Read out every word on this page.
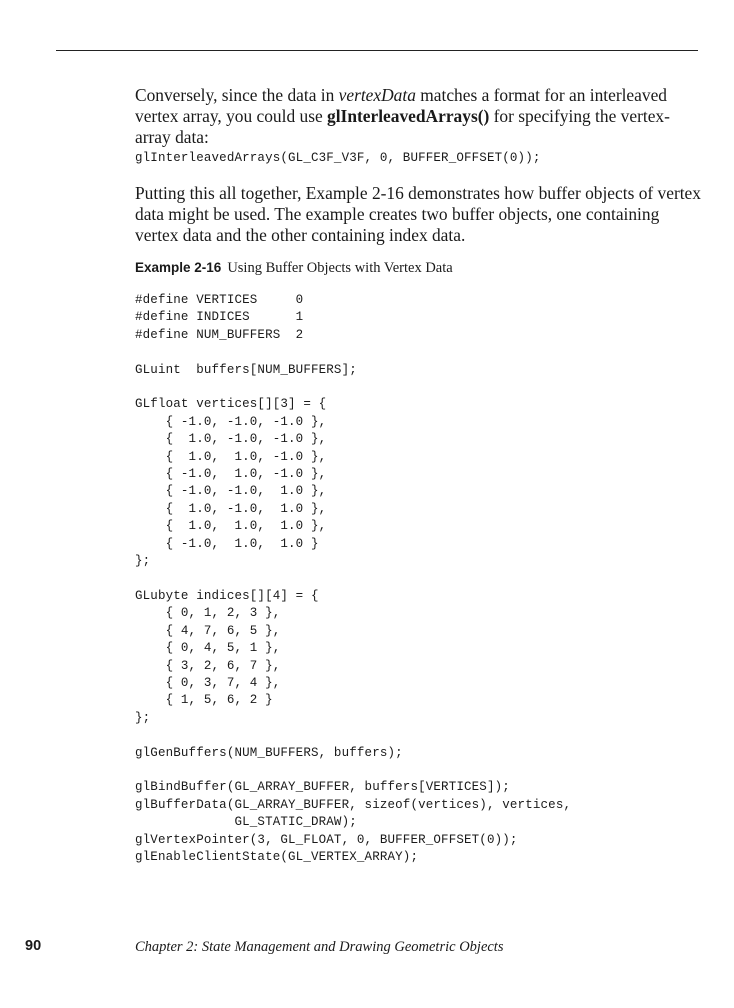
Conversely, since the data in vertexData matches a format for an interleaved vertex array, you could use glInterleavedArrays() for specifying the vertex-array data:

glInterleavedArrays(GL_C3F_V3F, 0, BUFFER_OFFSET(0));

Putting this all together, Example 2-16 demonstrates how buffer objects of vertex data might be used. The example creates two buffer objects, one containing vertex data and the other containing index data.

Example 2-16 Using Buffer Objects with Vertex Data
#define VERTICES     0
#define INDICES      1
#define NUM_BUFFERS  2

GLuint  buffers[NUM_BUFFERS];

GLfloat vertices[][3] = {
{ -1.0, -1.0, -1.0 },
{  1.0, -1.0, -1.0 },
{  1.0,  1.0, -1.0 },
{ -1.0,  1.0, -1.0 },
{ -1.0, -1.0,  1.0 },
{  1.0, -1.0,  1.0 },
{  1.0,  1.0,  1.0 },
{ -1.0,  1.0,  1.0 }
};

GLubyte indices[][4] = {
{ 0, 1, 2, 3 },
{ 4, 7, 6, 5 },
{ 0, 4, 5, 1 },
{ 3, 2, 6, 7 },
{ 0, 3, 7, 4 },
{ 1, 5, 6, 2 }
};

glGenBuffers(NUM_BUFFERS, buffers);

glBindBuffer(GL_ARRAY_BUFFER, buffers[VERTICES]);
glBufferData(GL_ARRAY_BUFFER, sizeof(vertices), vertices,
GL_STATIC_DRAW);
glVertexPointer(3, GL_FLOAT, 0, BUFFER_OFFSET(0));
glEnableClientState(GL_VERTEX_ARRAY);
90	Chapter 2: State Management and Drawing Geometric Objects
